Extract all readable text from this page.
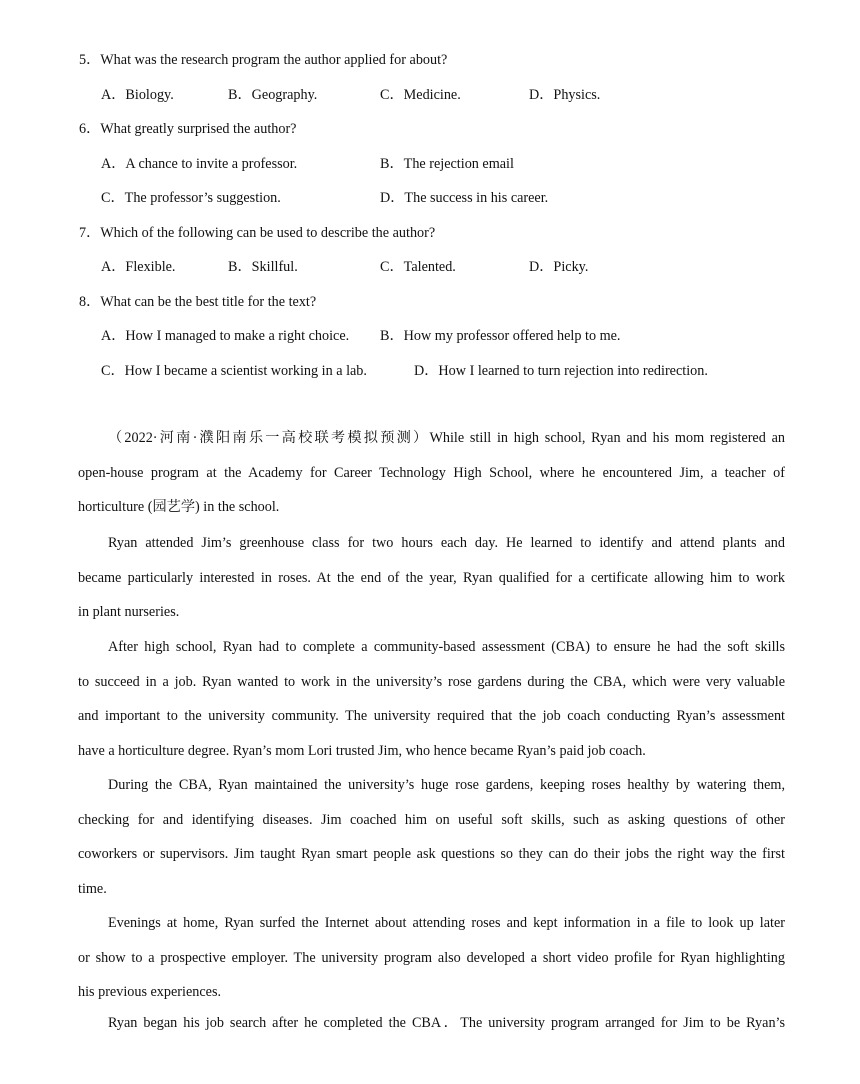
5．What was the research program the author applied for about?
A．Biology.	B．Geography.	C．Medicine.	D．Physics.
6．What greatly surprised the author?
A．A chance to invite a professor.	B．The rejection email
C．The professor’s suggestion.	D．The success in his career.
7．Which of the following can be used to describe the author?
A．Flexible.	B．Skillful.	C．Talented.	D．Picky.
8．What can be the best title for the text?
A．How I managed to make a right choice. B．How my professor offered help to me.
C．How I became a scientist working in a lab.	D．How I learned to turn rejection into redirection.
（2022·河南·濮阳南乐一高校联考模拟预测）While still in high school, Ryan and his mom registered an
open-house program at the Academy for Career Technology High School, where he encountered Jim, a teacher of
horticulture (园艺学) in the school.
Ryan attended Jim’s greenhouse class for two hours each day. He learned to identify and attend plants and
became particularly interested in roses. At the end of the year, Ryan qualified for a certificate allowing him to work
in plant nurseries.
After high school, Ryan had to complete a community-based assessment (CBA) to ensure he had the soft skills
to succeed in a job. Ryan wanted to work in the university’s rose gardens during the CBA, which were very valuable
and important to the university community. The university required that the job coach conducting Ryan’s assessment
have a horticulture degree. Ryan’s mom Lori trusted Jim, who hence became Ryan’s paid job coach.
During the CBA, Ryan maintained the university’s huge rose gardens, keeping roses healthy by watering them,
checking for and identifying diseases. Jim coached him on useful soft skills, such as asking questions of other
coworkers or supervisors. Jim taught Ryan smart people ask questions so they can do their jobs the right way the first
time.
Evenings at home, Ryan surfed the Internet about attending roses and kept information in a file to look up later
or show to a prospective employer. The university program also developed a short video profile for Ryan highlighting
his previous experiences.
Ryan began his job search after he completed the CBA．The university program arranged for Jim to be Ryan’s
